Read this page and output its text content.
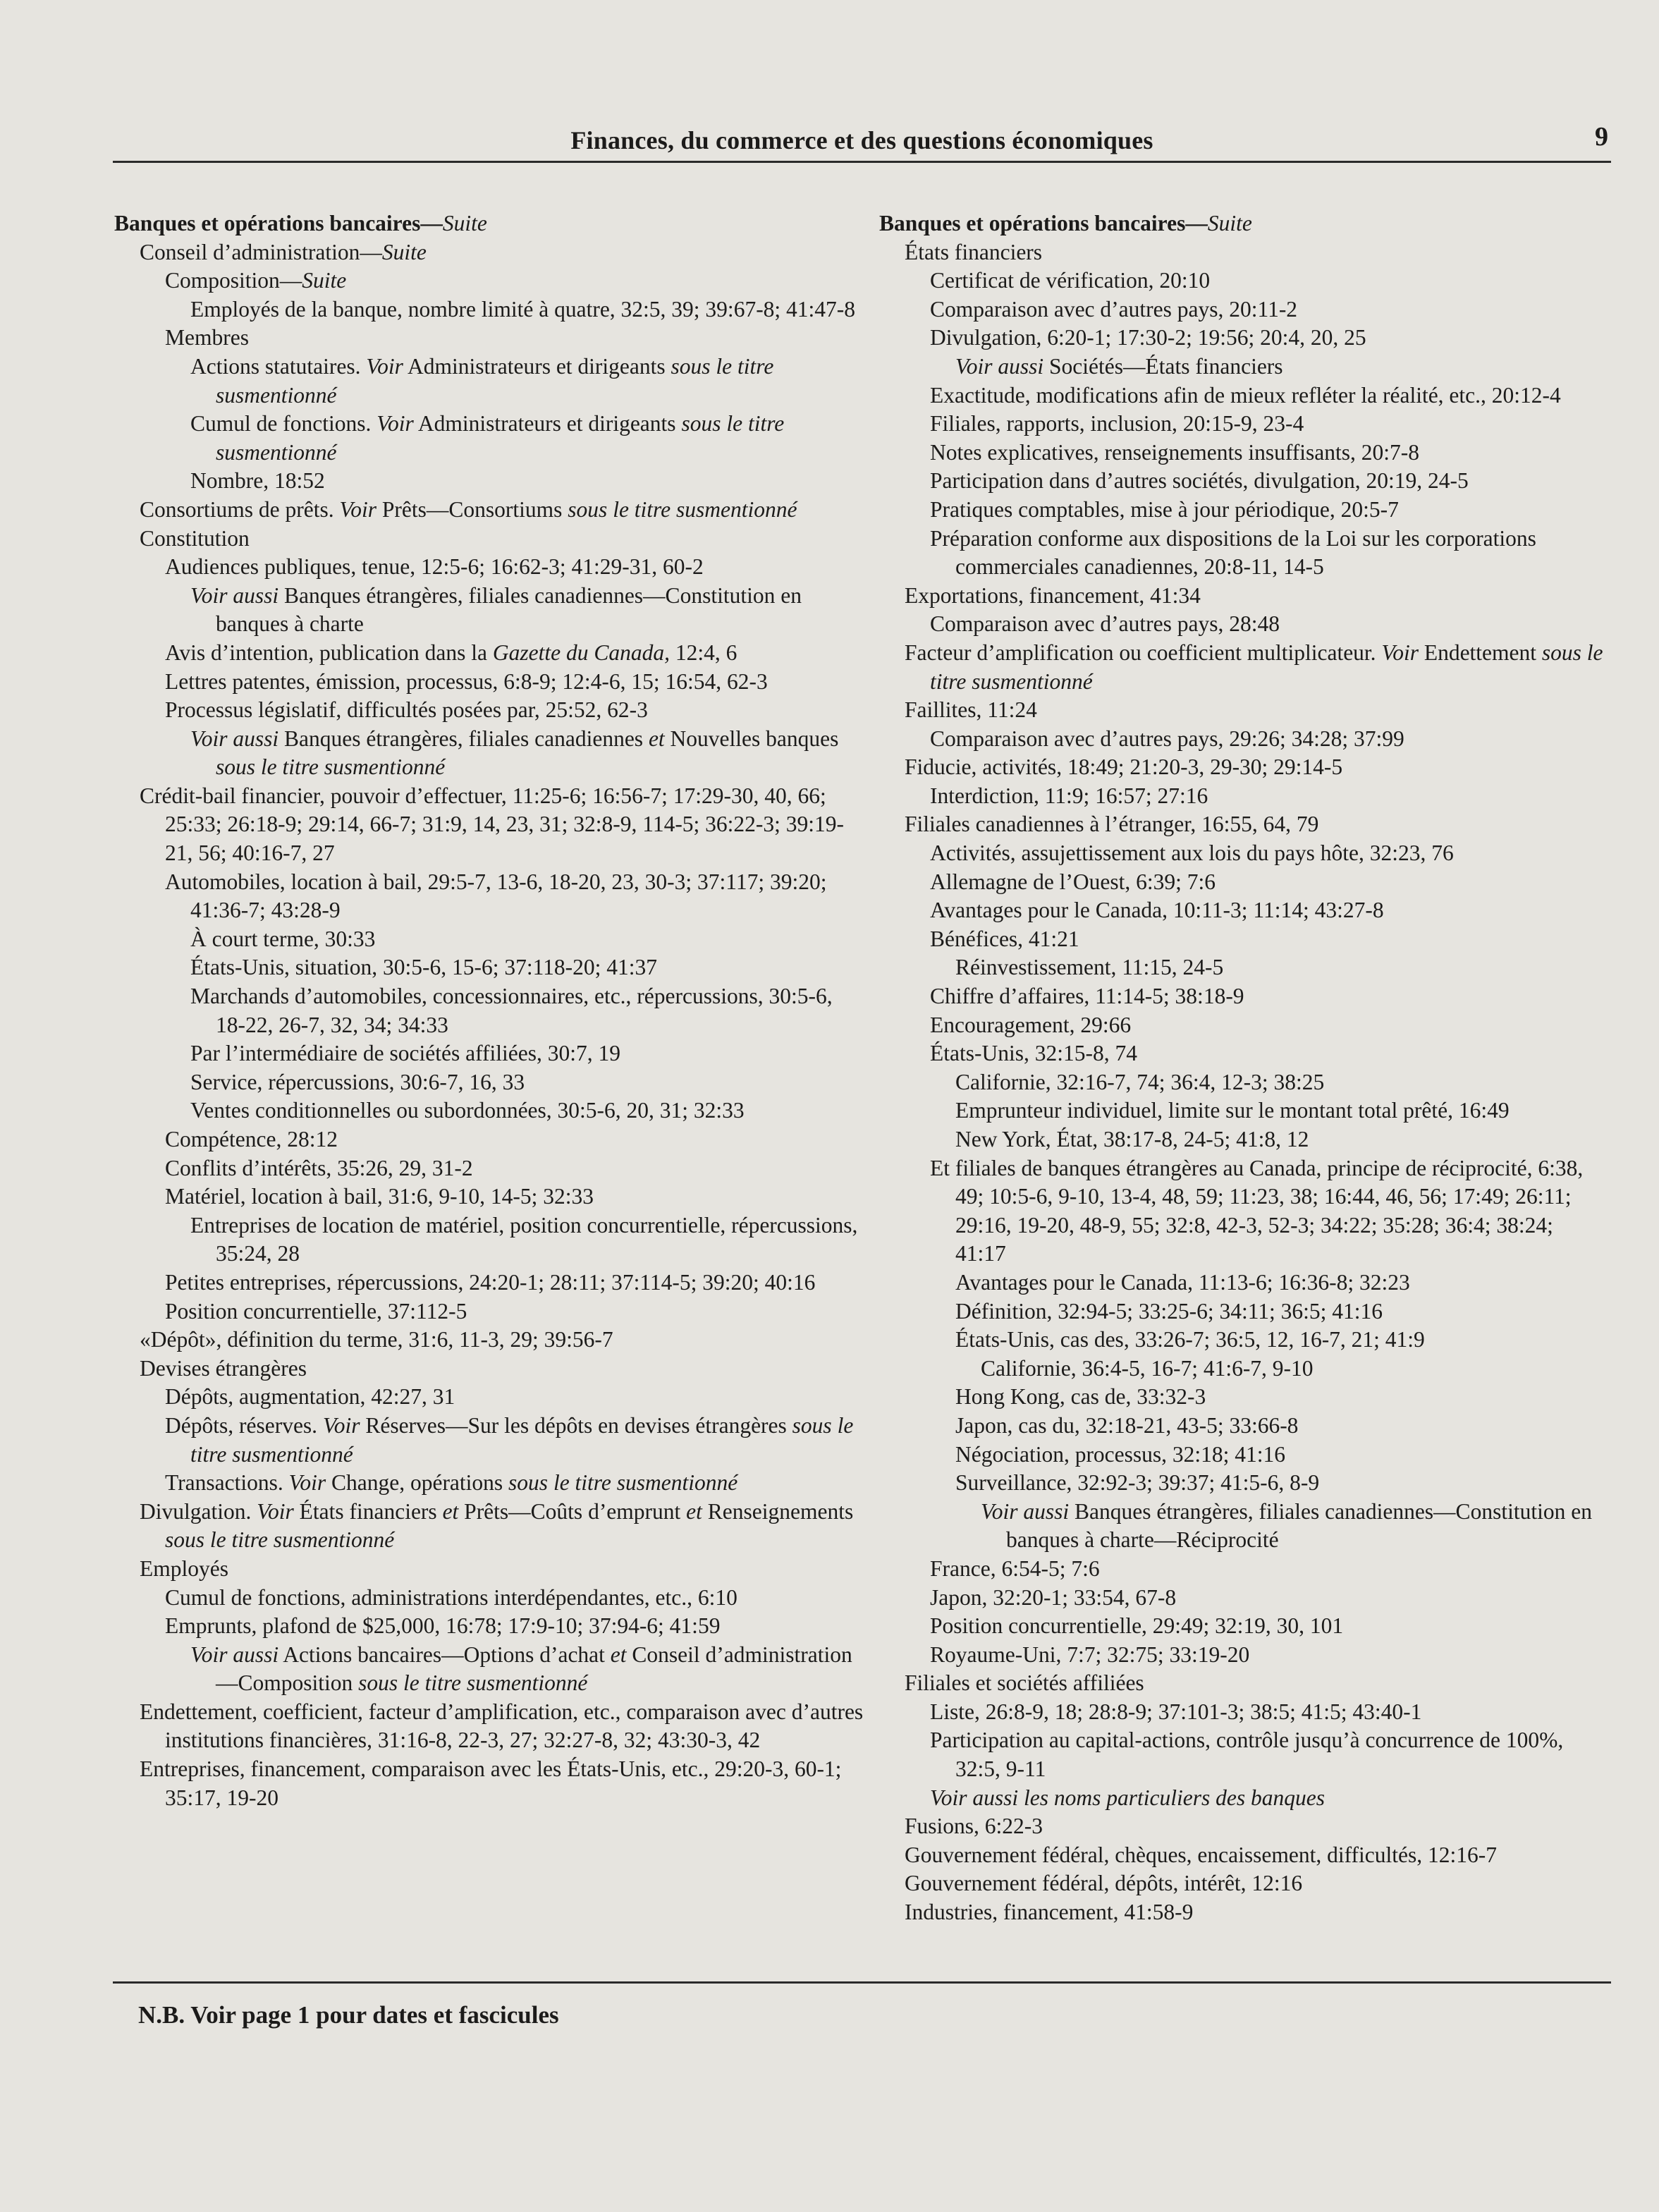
Finances, du commerce et des questions économiques	9

Banques et opérations bancaires—Suite

Conseil d’administration—Suite

Composition—Suite

Employés de la banque, nombre limité à quatre, 32:5, 39; 39:67-8; 41:47-8

Membres

Actions statutaires. Voir Administrateurs et dirigeants sous le titre susmentionné

Cumul de fonctions. Voir Administrateurs et dirigeants sous le titre susmentionné

Nombre, 18:52

Consortiums de prêts. Voir Prêts—Consortiums sous le titre susmentionné

Constitution

Audiences publiques, tenue, 12:5-6; 16:62-3; 41:29-31, 60-2

Voir aussi Banques étrangères, filiales canadiennes—Constitution en banques à charte

Avis d’intention, publication dans la Gazette du Canada, 12:4, 6

Lettres patentes, émission, processus, 6:8-9; 12:4-6, 15; 16:54, 62-3

Processus législatif, difficultés posées par, 25:52, 62-3

Voir aussi Banques étrangères, filiales canadiennes et Nouvelles banques sous le titre susmentionné

Crédit-bail financier, pouvoir d’effectuer, 11:25-6; 16:56-7; 17:29-30, 40, 66; 25:33; 26:18-9; 29:14, 66-7; 31:9, 14, 23, 31; 32:8-9, 114-5; 36:22-3; 39:19-21, 56; 40:16-7, 27

Automobiles, location à bail, 29:5-7, 13-6, 18-20, 23, 30-3; 37:117; 39:20; 41:36-7; 43:28-9

À court terme, 30:33

États-Unis, situation, 30:5-6, 15-6; 37:118-20; 41:37

Marchands d’automobiles, concessionnaires, etc., répercussions, 30:5-6, 18-22, 26-7, 32, 34; 34:33

Par l’intermédiaire de sociétés affiliées, 30:7, 19

Service, répercussions, 30:6-7, 16, 33

Ventes conditionnelles ou subordonnées, 30:5-6, 20, 31; 32:33

Compétence, 28:12

Conflits d’intérêts, 35:26, 29, 31-2

Matériel, location à bail, 31:6, 9-10, 14-5; 32:33

Entreprises de location de matériel, position concurrentielle, répercussions, 35:24, 28

Petites entreprises, répercussions, 24:20-1; 28:11; 37:114-5; 39:20; 40:16

Position concurrentielle, 37:112-5

«Dépôt», définition du terme, 31:6, 11-3, 29; 39:56-7

Devises étrangères

Dépôts, augmentation, 42:27, 31

Dépôts, réserves. Voir Réserves—Sur les dépôts en devises étrangères sous le titre susmentionné

Transactions. Voir Change, opérations sous le titre susmentionné

Divulgation. Voir États financiers et Prêts—Coûts d’emprunt et Renseignements sous le titre susmentionné

Employés

Cumul de fonctions, administrations interdépendantes, etc., 6:10

Emprunts, plafond de $25,000, 16:78; 17:9-10; 37:94-6; 41:59

Voir aussi Actions bancaires—Options d’achat et Conseil d’administration—Composition sous le titre susmentionné

Endettement, coefficient, facteur d’amplification, etc., comparaison avec d’autres institutions financières, 31:16-8, 22-3, 27; 32:27-8, 32; 43:30-3, 42

Entreprises, financement, comparaison avec les États-Unis, etc., 29:20-3, 60-1; 35:17, 19-20

Banques et opérations bancaires—Suite

États financiers

Certificat de vérification, 20:10

Comparaison avec d’autres pays, 20:11-2

Divulgation, 6:20-1; 17:30-2; 19:56; 20:4, 20, 25

Voir aussi Sociétés—États financiers

Exactitude, modifications afin de mieux refléter la réalité, etc., 20:12-4

Filiales, rapports, inclusion, 20:15-9, 23-4

Notes explicatives, renseignements insuffisants, 20:7-8

Participation dans d’autres sociétés, divulgation, 20:19, 24-5

Pratiques comptables, mise à jour périodique, 20:5-7

Préparation conforme aux dispositions de la Loi sur les corporations commerciales canadiennes, 20:8-11, 14-5

Exportations, financement, 41:34

Comparaison avec d’autres pays, 28:48

Facteur d’amplification ou coefficient multiplicateur. Voir Endettement sous le titre susmentionné

Faillites, 11:24

Comparaison avec d’autres pays, 29:26; 34:28; 37:99

Fiducie, activités, 18:49; 21:20-3, 29-30; 29:14-5

Interdiction, 11:9; 16:57; 27:16

Filiales canadiennes à l’étranger, 16:55, 64, 79

Activités, assujettissement aux lois du pays hôte, 32:23, 76

Allemagne de l’Ouest, 6:39; 7:6

Avantages pour le Canada, 10:11-3; 11:14; 43:27-8

Bénéfices, 41:21

Réinvestissement, 11:15, 24-5

Chiffre d’affaires, 11:14-5; 38:18-9

Encouragement, 29:66

États-Unis, 32:15-8, 74

Californie, 32:16-7, 74; 36:4, 12-3; 38:25

Emprunteur individuel, limite sur le montant total prêté, 16:49

New York, État, 38:17-8, 24-5; 41:8, 12

Et filiales de banques étrangères au Canada, principe de réciprocité, 6:38, 49; 10:5-6, 9-10, 13-4, 48, 59; 11:23, 38; 16:44, 46, 56; 17:49; 26:11; 29:16, 19-20, 48-9, 55; 32:8, 42-3, 52-3; 34:22; 35:28; 36:4; 38:24; 41:17

Avantages pour le Canada, 11:13-6; 16:36-8; 32:23

Définition, 32:94-5; 33:25-6; 34:11; 36:5; 41:16

États-Unis, cas des, 33:26-7; 36:5, 12, 16-7, 21; 41:9

Californie, 36:4-5, 16-7; 41:6-7, 9-10

Hong Kong, cas de, 33:32-3

Japon, cas du, 32:18-21, 43-5; 33:66-8

Négociation, processus, 32:18; 41:16

Surveillance, 32:92-3; 39:37; 41:5-6, 8-9

Voir aussi Banques étrangères, filiales canadiennes—Constitution en banques à charte—Réciprocité

France, 6:54-5; 7:6

Japon, 32:20-1; 33:54, 67-8

Position concurrentielle, 29:49; 32:19, 30, 101

Royaume-Uni, 7:7; 32:75; 33:19-20

Filiales et sociétés affiliées

Liste, 26:8-9, 18; 28:8-9; 37:101-3; 38:5; 41:5; 43:40-1

Participation au capital-actions, contrôle jusqu’à concurrence de 100%, 32:5, 9-11

Voir aussi les noms particuliers des banques

Fusions, 6:22-3

Gouvernement fédéral, chèques, encaissement, difficultés, 12:16-7

Gouvernement fédéral, dépôts, intérêt, 12:16

Industries, financement, 41:58-9

N.B. Voir page 1 pour dates et fascicules
